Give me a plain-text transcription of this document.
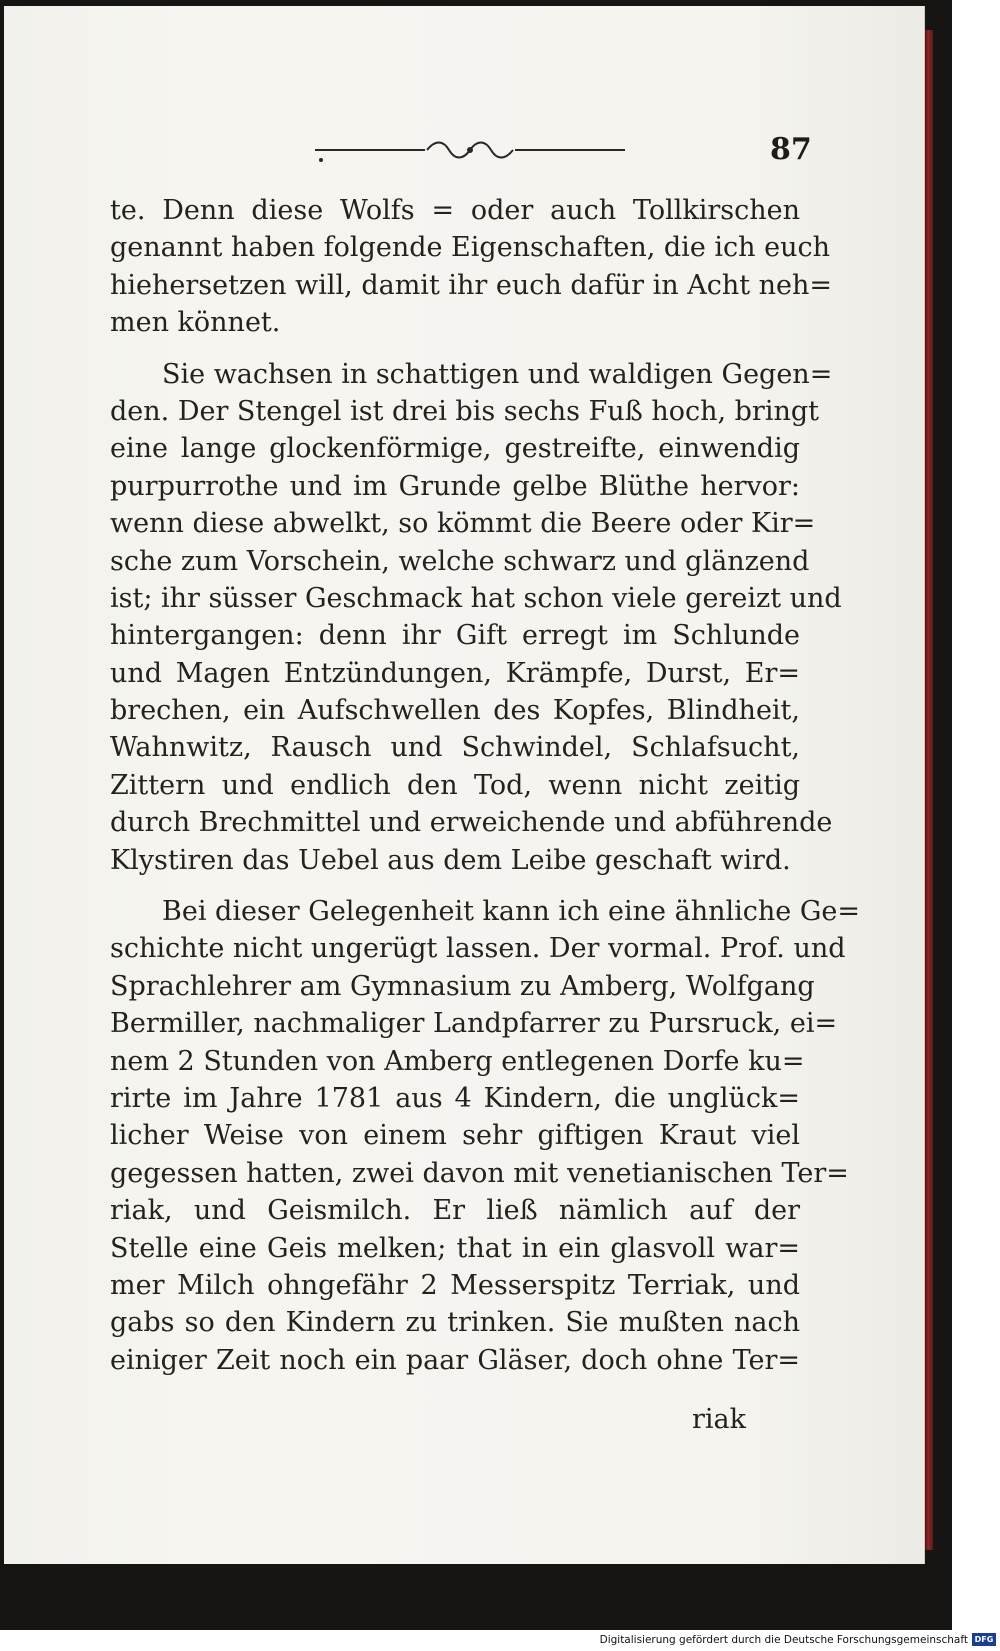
87
te. Denn diese Wolfs = oder auch Tollkirschen
genannt haben folgende Eigenschaften, die ich euch
hiehersetzen will, damit ihr euch dafür in Acht neh=
men könnet.
Sie wachsen in schattigen und waldigen Gegen=
den. Der Stengel ist drei bis sechs Fuß hoch, bringt
eine lange glockenförmige, gestreifte, einwendig
purpurrothe und im Grunde gelbe Blüthe hervor:
wenn diese abwelkt, so kömmt die Beere oder Kir=
sche zum Vorschein, welche schwarz und glänzend
ist; ihr süsser Geschmack hat schon viele gereizt und
hintergangen: denn ihr Gift erregt im Schlunde
und Magen Entzündungen, Krämpfe, Durst, Er=
brechen, ein Aufschwellen des Kopfes, Blindheit,
Wahnwitz, Rausch und Schwindel, Schlafsucht,
Zittern und endlich den Tod, wenn nicht zeitig
durch Brechmittel und erweichende und abführende
Klystiren das Uebel aus dem Leibe geschaft wird.
Bei dieser Gelegenheit kann ich eine ähnliche Ge=
schichte nicht ungerügt lassen. Der vormal. Prof. und
Sprachlehrer am Gymnasium zu Amberg, Wolfgang
Bermiller, nachmaliger Landpfarrer zu Pursruck, ei=
nem 2 Stunden von Amberg entlegenen Dorfe ku=
rirte im Jahre 1781 aus 4 Kindern, die unglück=
licher Weise von einem sehr giftigen Kraut viel
gegessen hatten, zwei davon mit venetianischen Ter=
riak, und Geismilch. Er ließ nämlich auf der
Stelle eine Geis melken; that in ein glasvoll war=
mer Milch ohngefähr 2 Messerspitz Terriak, und
gabs so den Kindern zu trinken. Sie mußten nach
einiger Zeit noch ein paar Gläser, doch ohne Ter=
riak
Digitalisierung gefördert durch die Deutsche Forschungsgemeinschaft DFG
